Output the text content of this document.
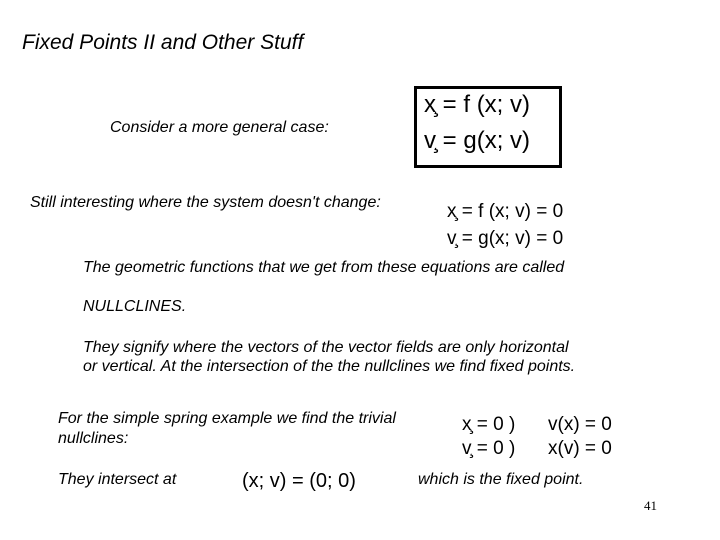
Fixed Points II and Other Stuff
Consider a more general case:
x̧ = f (x; v)
v̧ = g(x; v)
Still interesting where the system doesn't change:	x̧ = f (x; v) = 0
v̧ = g(x; v) = 0
The geometric functions that we get from these equations are called
NULLCLINES.
They signify where the vectors of the vector fields are only horizontal
or vertical. At the intersection of the the nullclines we find fixed points.
For the simple spring example we find the trivial
nullclines:
x̧ = 0 ) v(x) = 0
v̧ = 0 ) x(v) = 0
They intersect at	(x; v) = (0; 0)	which is the fixed point.
41
